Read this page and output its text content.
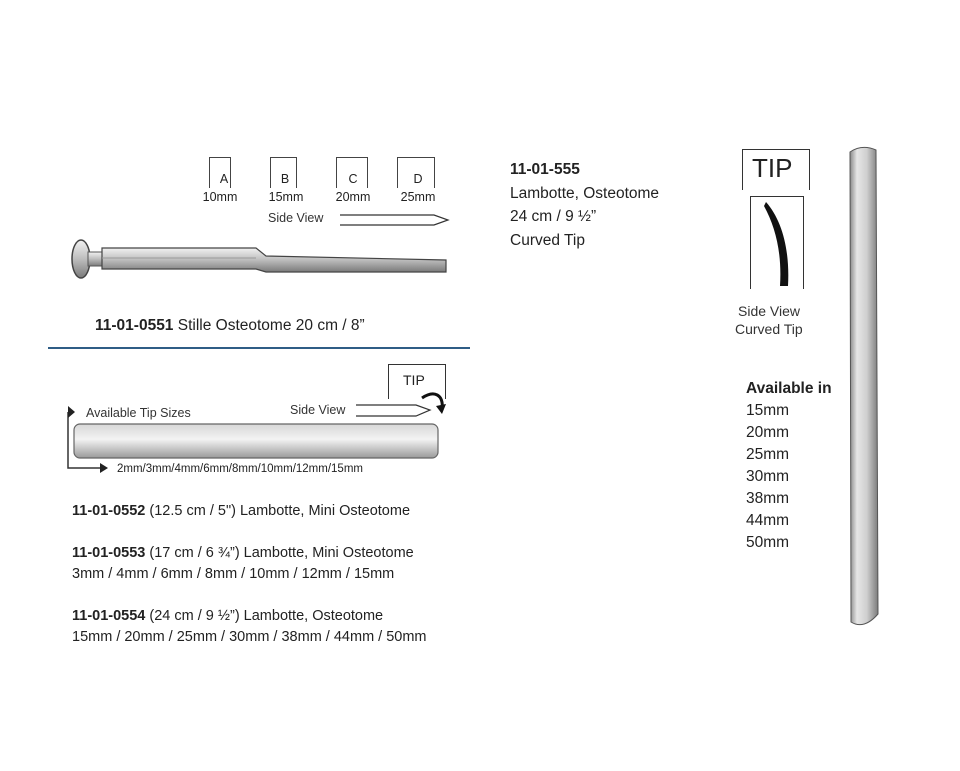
A
10mm
B
15mm
C
20mm
D
25mm
Side View
11-01-0551 Stille Osteotome 20 cm / 8”
11-01-555
Lambotte, Osteotome
24 cm / 9 ½”
Curved Tip
TIP
Side View
Curved Tip
Available in
15mm
20mm
25mm
30mm
38mm
44mm
50mm
TIP
Side View
Available Tip Sizes
2mm/3mm/4mm/6mm/8mm/10mm/12mm/15mm
11-01-0552 (12.5 cm / 5") Lambotte, Mini Osteotome
11-01-0553 (17 cm / 6 ¾”) Lambotte, Mini Osteotome
3mm / 4mm / 6mm / 8mm / 10mm / 12mm / 15mm
11-01-0554 (24 cm / 9 ½”) Lambotte, Osteotome
15mm / 20mm / 25mm / 30mm / 38mm / 44mm / 50mm
